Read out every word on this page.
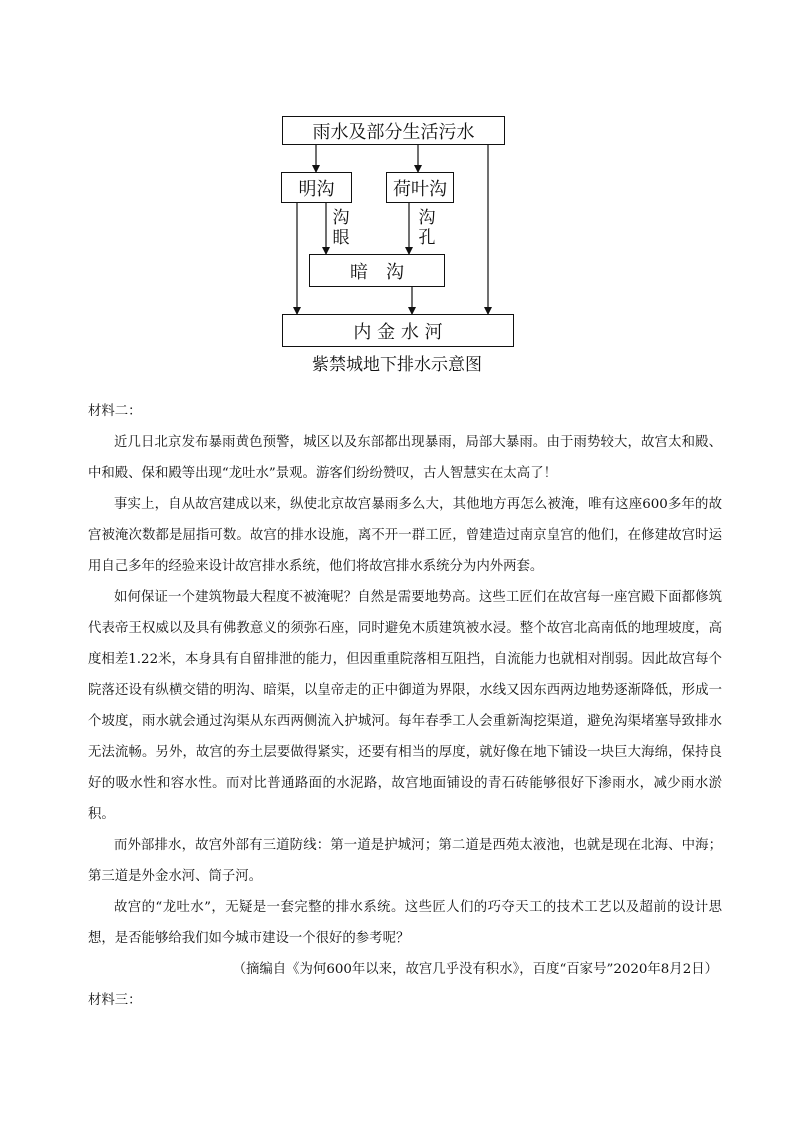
雨水及部分生活污水
明沟	荷叶沟
沟
眼
沟
孔
暗　沟
内 金 水 河
紫禁城地下排水示意图

材料二：

近几日北京发布暴雨黄色预警，城区以及东部都出现暴雨，局部大暴雨。由于雨势较大，故宫太和殿、中和殿、保和殿等出现“龙吐水”景观。游客们纷纷赞叹，古人智慧实在太高了！

事实上，自从故宫建成以来，纵使北京故宫暴雨多么大，其他地方再怎么被淹，唯有这座600多年的故宫被淹次数都是屈指可数。故宫的排水设施，离不开一群工匠，曾建造过南京皇宫的他们，在修建故宫时运用自己多年的经验来设计故宫排水系统，他们将故宫排水系统分为内外两套。

如何保证一个建筑物最大程度不被淹呢？自然是需要地势高。这些工匠们在故宫每一座宫殿下面都修筑代表帝王权威以及具有佛教意义的须弥石座，同时避免木质建筑被水浸。整个故宫北高南低的地理坡度，高度相差1.22米，本身具有自留排泄的能力，但因重重院落相互阻挡，自流能力也就相对削弱。因此故宫每个院落还设有纵横交错的明沟、暗渠，以皇帝走的正中御道为界限，水线又因东西两边地势逐渐降低，形成一个坡度，雨水就会通过沟渠从东西两侧流入护城河。每年春季工人会重新淘挖渠道，避免沟渠堵塞导致排水无法流畅。另外，故宫的夯土层要做得紧实，还要有相当的厚度，就好像在地下铺设一块巨大海绵，保持良好的吸水性和容水性。而对比普通路面的水泥路，故宫地面铺设的青石砖能够很好下渗雨水，减少雨水淤积。

而外部排水，故宫外部有三道防线：第一道是护城河；第二道是西苑太液池，也就是现在北海、中海；第三道是外金水河、筒子河。

故宫的“龙吐水”，无疑是一套完整的排水系统。这些匠人们的巧夺天工的技术工艺以及超前的设计思想，是否能够给我们如今城市建设一个很好的参考呢？

（摘编自《为何600年以来，故宫几乎没有积水》，百度“百家号”2020年8月2日）

材料三：
